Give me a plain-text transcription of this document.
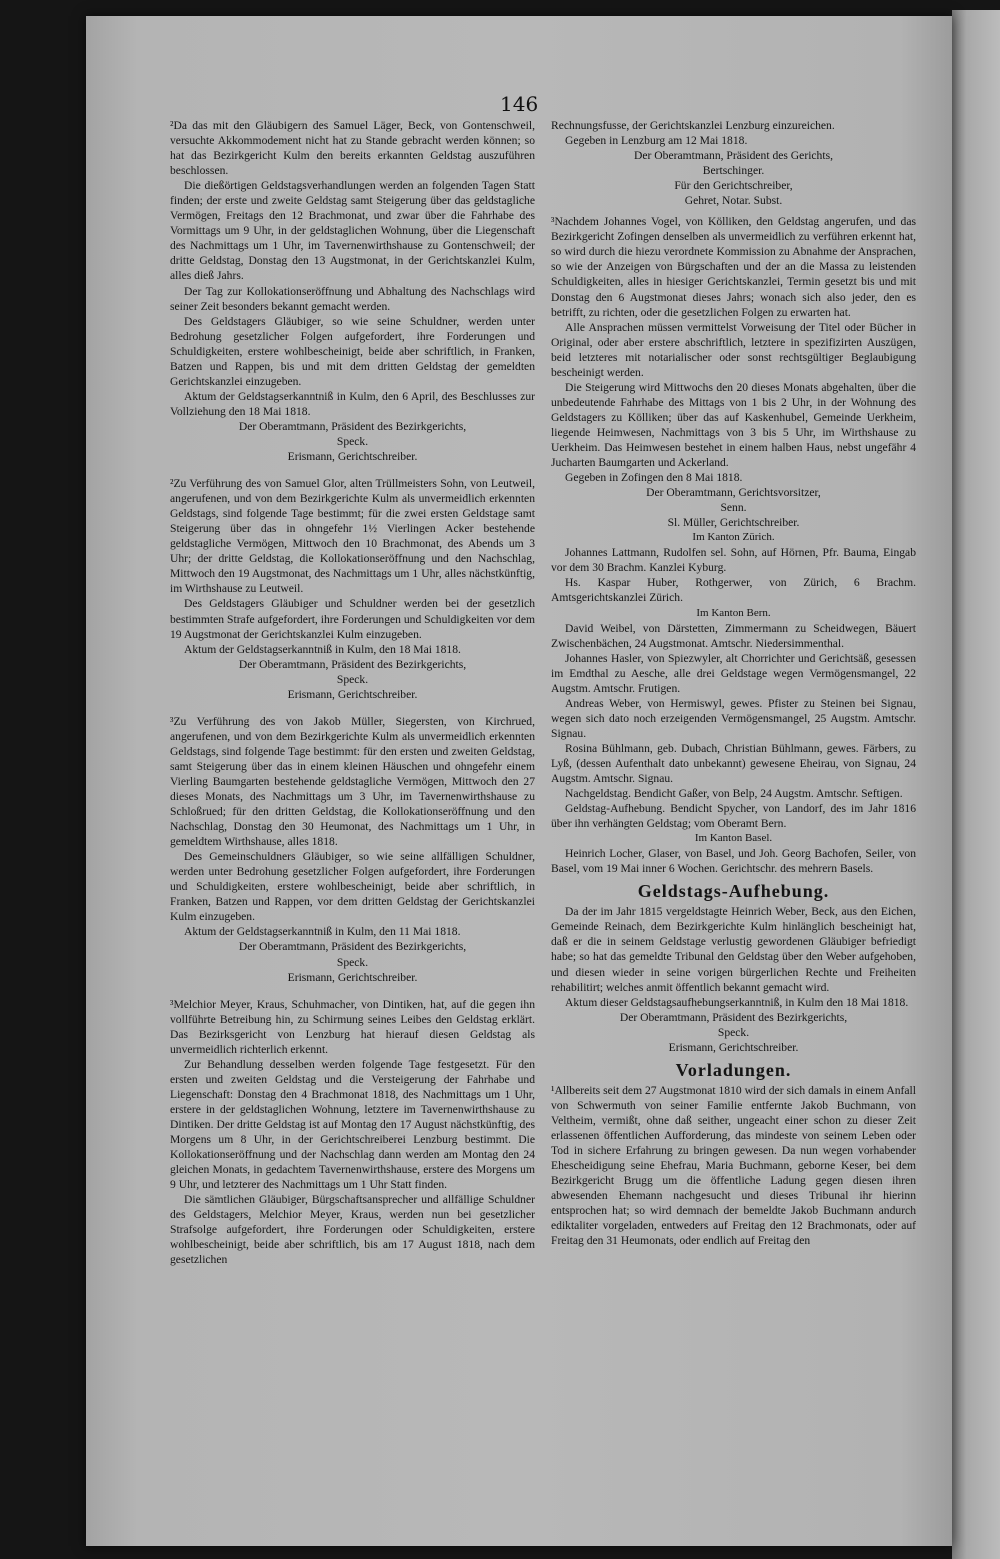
146

²Da das mit den Gläubigern des Samuel Läger, Beck, von Gontenschweil, versuchte Akkommodement nicht hat zu Stande gebracht werden können; so hat das Bezirkgericht Kulm den bereits erkannten Geldstag auszuführen beschlossen.

Die dießörtigen Geldstagsverhandlungen werden an folgenden Tagen Statt finden; der erste und zweite Geldstag samt Steigerung über das geldstagliche Vermögen, Freitags den 12 Brachmonat, und zwar über die Fahrhabe des Vormittags um 9 Uhr, in der geldstaglichen Wohnung, über die Liegenschaft des Nachmittags um 1 Uhr, im Tavernenwirthshause zu Gontenschweil; der dritte Geldstag, Donstag den 13 Augstmonat, in der Gerichtskanzlei Kulm, alles dieß Jahrs.

Der Tag zur Kollokationseröffnung und Abhaltung des Nachschlags wird seiner Zeit besonders bekannt gemacht werden.

Des Geldstagers Gläubiger, so wie seine Schuldner, werden unter Bedrohung gesetzlicher Folgen aufgefordert, ihre Forderungen und Schuldigkeiten, erstere wohlbescheinigt, beide aber schriftlich, in Franken, Batzen und Rappen, bis und mit dem dritten Geldstag der gemeldten Gerichtskanzlei einzugeben.

Aktum der Geldstagserkanntniß in Kulm, den 6 April, des Beschlusses zur Vollziehung den 18 Mai 1818.

Der Oberamtmann, Präsident des Bezirkgerichts,

Speck.

Erismann, Gerichtschreiber.

²Zu Verführung des von Samuel Glor, alten Trüllmeisters Sohn, von Leutweil, angerufenen, und von dem Bezirkgerichte Kulm als unvermeidlich erkennten Geldstags, sind folgende Tage bestimmt; für die zwei ersten Geldstage samt Steigerung über das in ohngefehr 1½ Vierlingen Acker bestehende geldstagliche Vermögen, Mittwoch den 10 Brachmonat, des Abends um 3 Uhr; der dritte Geldstag, die Kollokationseröffnung und den Nachschlag, Mittwoch den 19 Augstmonat, des Nachmittags um 1 Uhr, alles nächstkünftig, im Wirthshause zu Leutweil.

Des Geldstagers Gläubiger und Schuldner werden bei der gesetzlich bestimmten Strafe aufgefordert, ihre Forderungen und Schuldigkeiten vor dem 19 Augstmonat der Gerichtskanzlei Kulm einzugeben.

Aktum der Geldstagserkanntniß in Kulm, den 18 Mai 1818.

Der Oberamtmann, Präsident des Bezirkgerichts,

Speck.

Erismann, Gerichtschreiber.

³Zu Verführung des von Jakob Müller, Siegersten, von Kirchrued, angerufenen, und von dem Bezirkgerichte Kulm als unvermeidlich erkennten Geldstags, sind folgende Tage bestimmt: für den ersten und zweiten Geldstag, samt Steigerung über das in einem kleinen Häuschen und ohngefehr einem Vierling Baumgarten bestehende geldstagliche Vermögen, Mittwoch den 27 dieses Monats, des Nachmittags um 3 Uhr, im Tavernenwirthshause zu Schloßrued; für den dritten Geldstag, die Kollokationseröffnung und den Nachschlag, Donstag den 30 Heumonat, des Nachmittags um 1 Uhr, in gemeldtem Wirthshause, alles 1818.

Des Gemeinschuldners Gläubiger, so wie seine allfälligen Schuldner, werden unter Bedrohung gesetzlicher Folgen aufgefordert, ihre Forderungen und Schuldigkeiten, erstere wohlbescheinigt, beide aber schriftlich, in Franken, Batzen und Rappen, vor dem dritten Geldstag der Gerichtskanzlei Kulm einzugeben.

Aktum der Geldstagserkanntniß in Kulm, den 11 Mai 1818.

Der Oberamtmann, Präsident des Bezirkgerichts,

Speck.

Erismann, Gerichtschreiber.

³Melchior Meyer, Kraus, Schuhmacher, von Dintiken, hat, auf die gegen ihn vollführte Betreibung hin, zu Schirmung seines Leibes den Geldstag erklärt. Das Bezirksgericht von Lenzburg hat hierauf diesen Geldstag als unvermeidlich richterlich erkennt.

Zur Behandlung desselben werden folgende Tage festgesetzt. Für den ersten und zweiten Geldstag und die Versteigerung der Fahrhabe und Liegenschaft: Donstag den 4 Brachmonat 1818, des Nachmittags um 1 Uhr, erstere in der geldstaglichen Wohnung, letztere im Tavernenwirthshause zu Dintiken. Der dritte Geldstag ist auf Montag den 17 August nächstkünftig, des Morgens um 8 Uhr, in der Gerichtschreiberei Lenzburg bestimmt. Die Kollokationseröffnung und der Nachschlag dann werden am Montag den 24 gleichen Monats, in gedachtem Tavernenwirthshause, erstere des Morgens um 9 Uhr, und letzterer des Nachmittags um 1 Uhr Statt finden.

Die sämtlichen Gläubiger, Bürgschaftsansprecher und allfällige Schuldner des Geldstagers, Melchior Meyer, Kraus, werden nun bei gesetzlicher Strafsolge aufgefordert, ihre Forderungen oder Schuldigkeiten, erstere wohlbescheinigt, beide aber schriftlich, bis am 17 August 1818, nach dem gesetzlichen

Rechnungsfusse, der Gerichtskanzlei Lenzburg einzureichen.

Gegeben in Lenzburg am 12 Mai 1818.

Der Oberamtmann, Präsident des Gerichts,

Bertschinger.

Für den Gerichtschreiber,

Gehret, Notar. Subst.

³Nachdem Johannes Vogel, von Kölliken, den Geldstag angerufen, und das Bezirkgericht Zofingen denselben als unvermeidlich zu verführen erkennt hat, so wird durch die hiezu verordnete Kommission zu Abnahme der Ansprachen, so wie der Anzeigen von Bürgschaften und der an die Massa zu leistenden Schuldigkeiten, alles in hiesiger Gerichtskanzlei, Termin gesetzt bis und mit Donstag den 6 Augstmonat dieses Jahrs; wonach sich also jeder, den es betrifft, zu richten, oder die gesetzlichen Folgen zu erwarten hat.

Alle Ansprachen müssen vermittelst Vorweisung der Titel oder Bücher in Original, oder aber erstere abschriftlich, letztere in spezifizirten Auszügen, beid letzteres mit notarialischer oder sonst rechtsgültiger Beglaubigung bescheinigt werden.

Die Steigerung wird Mittwochs den 20 dieses Monats abgehalten, über die unbedeutende Fahrhabe des Mittags von 1 bis 2 Uhr, in der Wohnung des Geldstagers zu Kölliken; über das auf Kaskenhubel, Gemeinde Uerkheim, liegende Heimwesen, Nachmittags von 3 bis 5 Uhr, im Wirthshause zu Uerkheim. Das Heimwesen bestehet in einem halben Haus, nebst ungefähr 4 Jucharten Baumgarten und Ackerland.

Gegeben in Zofingen den 8 Mai 1818.

Der Oberamtmann, Gerichtsvorsitzer,

Senn.

Sl. Müller, Gerichtschreiber.

Im Kanton Zürich.

Johannes Lattmann, Rudolfen sel. Sohn, auf Hörnen, Pfr. Bauma, Eingab vor dem 30 Brachm. Kanzlei Kyburg.

Hs. Kaspar Huber, Rothgerwer, von Zürich, 6 Brachm. Amtsgerichtskanzlei Zürich.

Im Kanton Bern.

David Weibel, von Därstetten, Zimmermann zu Scheidwegen, Bäuert Zwischenbächen, 24 Augstmonat. Amtschr. Niedersimmenthal.

Johannes Hasler, von Spiezwyler, alt Chorrichter und Gerichtsäß, gesessen im Emdthal zu Aesche, alle drei Geldstage wegen Vermögensmangel, 22 Augstm. Amtschr. Frutigen.

Andreas Weber, von Hermiswyl, gewes. Pfister zu Steinen bei Signau, wegen sich dato noch erzeigenden Vermögensmangel, 25 Augstm. Amtschr. Signau.

Rosina Bühlmann, geb. Dubach, Christian Bühlmann, gewes. Färbers, zu Lyß, (dessen Aufenthalt dato unbekannt) gewesene Eheirau, von Signau, 24 Augstm. Amtschr. Signau.

Nachgeldstag. Bendicht Gaßer, von Belp, 24 Augstm. Amtschr. Seftigen.

Geldstag-Aufhebung. Bendicht Spycher, von Landorf, des im Jahr 1816 über ihn verhängten Geldstag; vom Oberamt Bern.

Im Kanton Basel.

Heinrich Locher, Glaser, von Basel, und Joh. Georg Bachofen, Seiler, von Basel, vom 19 Mai inner 6 Wochen. Gerichtschr. des mehrern Basels.

Geldstags-Aufhebung.

Da der im Jahr 1815 vergeldstagte Heinrich Weber, Beck, aus den Eichen, Gemeinde Reinach, dem Bezirkgerichte Kulm hinlänglich bescheinigt hat, daß er die in seinem Geldstage verlustig gewordenen Gläubiger befriedigt habe; so hat das gemeldte Tribunal den Geldstag über den Weber aufgehoben, und diesen wieder in seine vorigen bürgerlichen Rechte und Freiheiten rehabilitirt; welches anmit öffentlich bekannt gemacht wird.

Aktum dieser Geldstagsaufhebungserkanntniß, in Kulm den 18 Mai 1818.

Der Oberamtmann, Präsident des Bezirkgerichts,

Speck.

Erismann, Gerichtschreiber.

Vorladungen.

¹Allbereits seit dem 27 Augstmonat 1810 wird der sich damals in einem Anfall von Schwermuth von seiner Familie entfernte Jakob Buchmann, von Veltheim, vermißt, ohne daß seither, ungeacht einer schon zu dieser Zeit erlassenen öffentlichen Aufforderung, das mindeste von seinem Leben oder Tod in sichere Erfahrung zu bringen gewesen. Da nun wegen vorhabender Ehescheidigung seine Ehefrau, Maria Buchmann, geborne Keser, bei dem Bezirkgericht Brugg um die öffentliche Ladung gegen diesen ihren abwesenden Ehemann nachgesucht und dieses Tribunal ihr hierinn entsprochen hat; so wird demnach der bemeldte Jakob Buchmann andurch ediktaliter vorgeladen, entweders auf Freitag den 12 Brachmonats, oder auf Freitag den 31 Heumonats, oder endlich auf Freitag den
